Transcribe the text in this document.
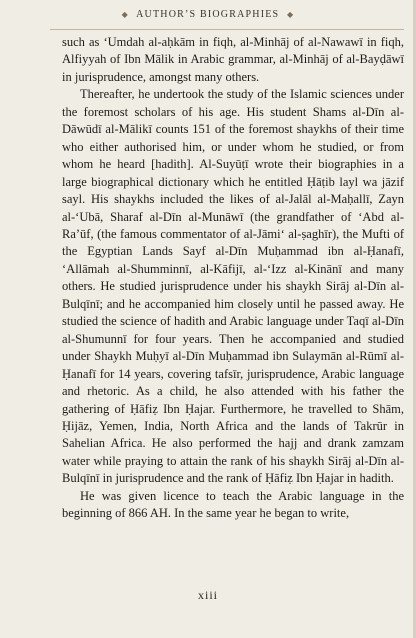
◆ AUTHOR’S BIOGRAPHIES ◆

such as ‘Umdah al-aḥkām in fiqh, al-Minhāj of al-Nawawī in fiqh, Alfiyyah of Ibn Mālik in Arabic grammar, al-Minhāj of al-Bayḍāwī in jurisprudence, amongst many others.

Thereafter, he undertook the study of the Islamic sciences under the foremost scholars of his age. His student Shams al-Dīn al-Dāwūdī al-Mālikī counts 151 of the foremost shaykhs of their time who either authorised him, or under whom he studied, or from whom he heard [hadith]. Al-Suyūṭī wrote their biographies in a large biographical dictionary which he entitled Ḥāṭib layl wa jāzif sayl. His shaykhs included the likes of al-Jalāl al-Maḥallī, Zayn al-‘Ubā, Sharaf al-Dīn al-Munāwī (the grandfather of ‘Abd al-Ra’ūf, (the famous commentator of al-Jāmi‘ al-ṣaghīr), the Mufti of the Egyptian Lands Sayf al-Dīn Muḥammad ibn al-Ḥanafī, ‘Allāmah al-Shumminnī, al-Kāfijī, al-‘Izz al-Kinānī and many others. He studied jurisprudence under his shaykh Sirāj al-Dīn al-Bulqīnī; and he accompanied him closely until he passed away. He studied the science of hadith and Arabic language under Taqī al-Dīn al-Shumunnī for four years. Then he accompanied and studied under Shaykh Muḥyī al-Dīn Muḥammad ibn Sulaymān al-Rūmī al-Ḥanafī for 14 years, covering tafsīr, jurisprudence, Arabic language and rhetoric. As a child, he also attended with his father the gathering of Ḥāfiẓ Ibn Ḥajar. Furthermore, he travelled to Shām, Ḥijāz, Yemen, India, North Africa and the lands of Takrūr in Sahelian Africa. He also performed the hajj and drank zamzam water while praying to attain the rank of his shaykh Sirāj al-Dīn al-Bulqīnī in jurisprudence and the rank of Ḥāfiẓ Ibn Ḥajar in hadith.

He was given licence to teach the Arabic language in the beginning of 866 AH. In the same year he began to write,

xiii
